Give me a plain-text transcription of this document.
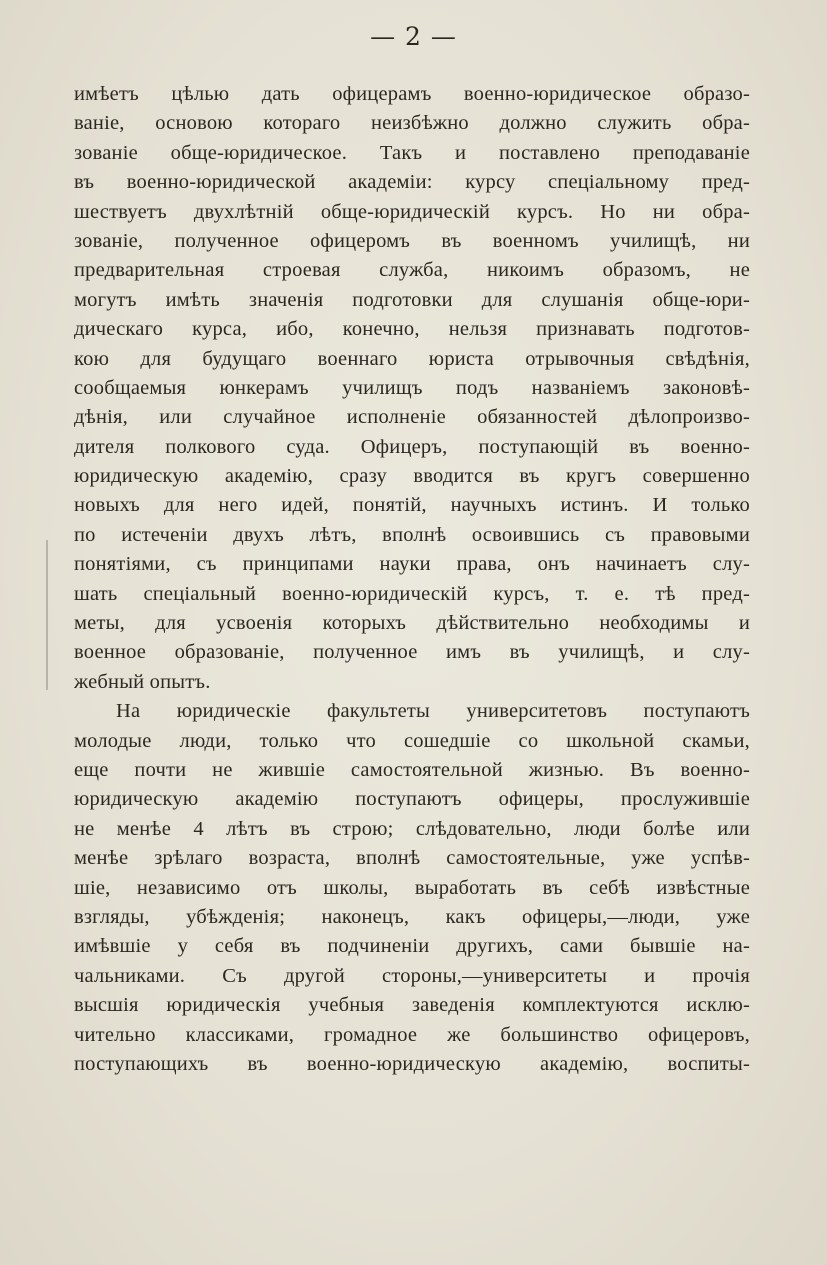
— 2 —
имѣетъ цѣлью дать офицерамъ военно-юридическое образо-
ваніе, основою котораго неизбѣжно должно служить обра-
зованіе обще-юридическое. Такъ и поставлено преподаваніе
въ военно-юридической академіи: курсу спеціальному пред-
шествуетъ двухлѣтній обще-юридическій курсъ. Но ни обра-
зованіе, полученное офицеромъ въ военномъ училищѣ, ни
предварительная строевая служба, никоимъ образомъ, не
могутъ имѣть значенія подготовки для слушанія обще-юри-
дическаго курса, ибо, конечно, нельзя признавать подготов-
кою для будущаго военнаго юриста отрывочныя свѣдѣнія,
сообщаемыя юнкерамъ училищъ подъ названіемъ законовѣ-
дѣнія, или случайное исполненіе обязанностей дѣлопроизво-
дителя полкового суда. Офицеръ, поступающій въ военно-
юридическую академію, сразу вводится въ кругъ совершенно
новыхъ для него идей, понятій, научныхъ истинъ. И только
по истеченіи двухъ лѣтъ, вполнѣ освоившись съ правовыми
понятіями, съ принципами науки права, онъ начинаетъ слу-
шать спеціальный военно-юридическій курсъ, т. е. тѣ пред-
меты, для усвоенія которыхъ дѣйствительно необходимы и
военное образованіе, полученное имъ въ училищѣ, и слу-
жебный опытъ.
На юридическіе факультеты университетовъ поступаютъ
молодые люди, только что сошедшіе со школьной скамьи,
еще почти не жившіе самостоятельной жизнью. Въ военно-
юридическую академію поступаютъ офицеры, прослужившіе
не менѣе 4 лѣтъ въ строю; слѣдовательно, люди болѣе или
менѣе зрѣлаго возраста, вполнѣ самостоятельные, уже успѣв-
шіе, независимо отъ школы, выработать въ себѣ извѣстные
взгляды, убѣжденія; наконецъ, какъ офицеры,—люди, уже
имѣвшіе у себя въ подчиненіи другихъ, сами бывшіе на-
чальниками. Съ другой стороны,—университеты и прочія
высшія юридическія учебныя заведенія комплектуются исклю-
чительно классиками, громадное же большинство офицеровъ,
поступающихъ въ военно-юридическую академію, воспиты-
